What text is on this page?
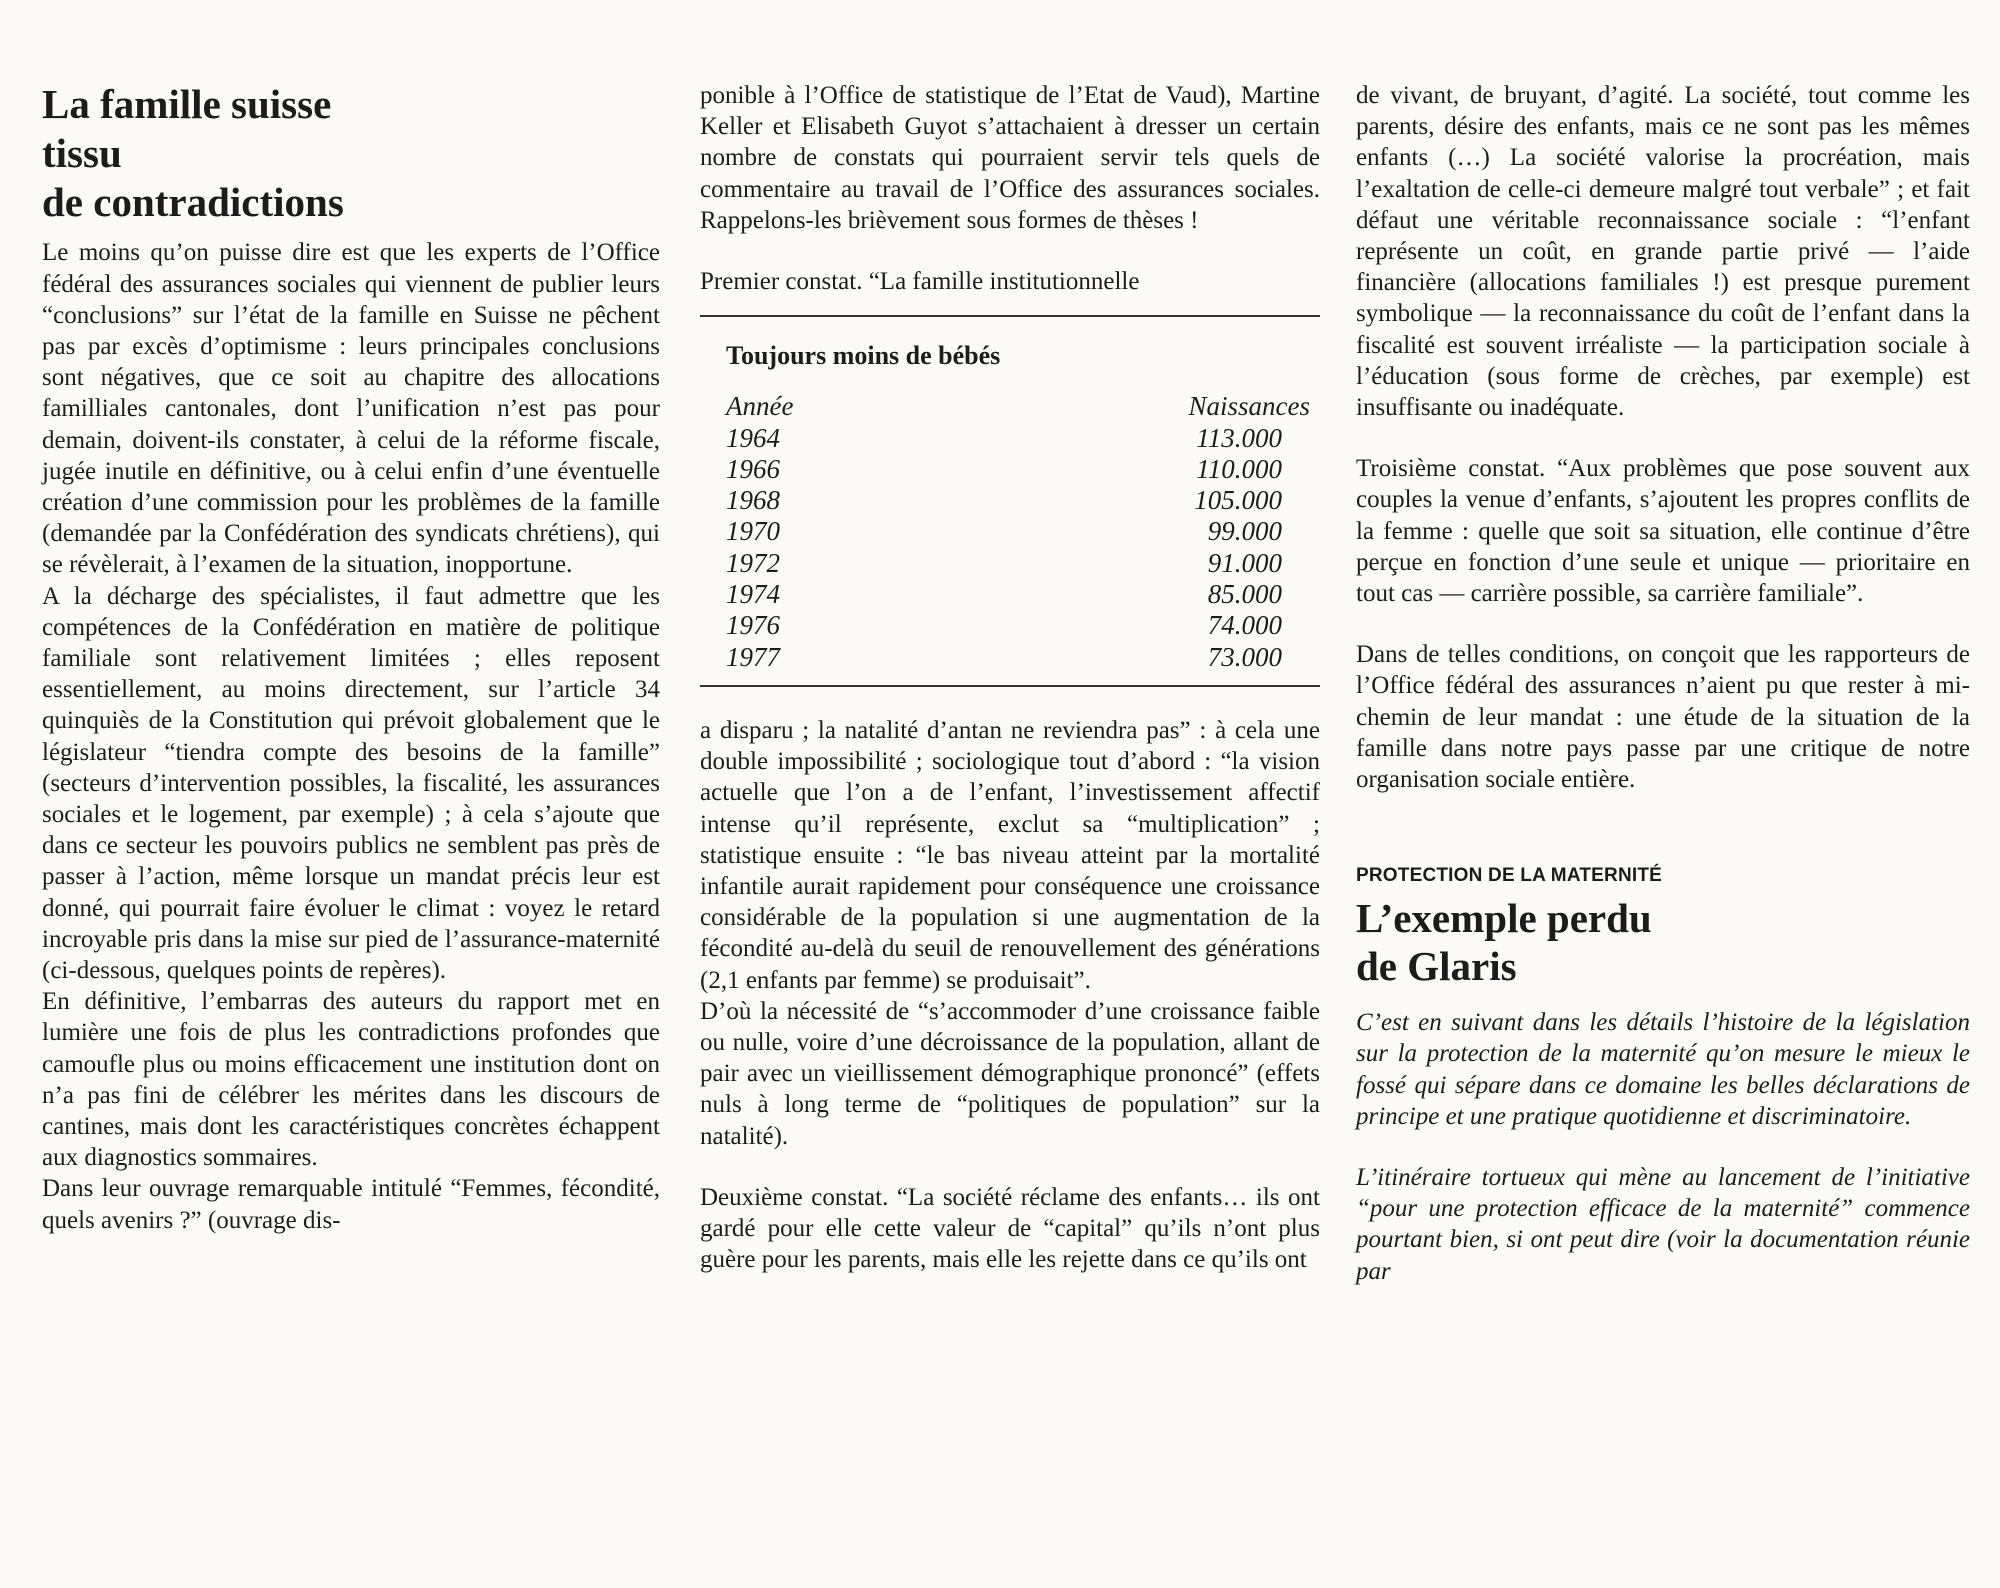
La famille suisse
tissu
de contradictions

Le moins qu’on puisse dire est que les experts de l’Office fédéral des assurances sociales qui viennent de publier leurs “conclusions” sur l’état de la famille en Suisse ne pêchent pas par excès d’optimisme : leurs principales conclusions sont négatives, que ce soit au chapitre des allocations familliales cantonales, dont l’unification n’est pas pour demain, doivent-ils constater, à celui de la réforme fiscale, jugée inutile en définitive, ou à celui enfin d’une éventuelle création d’une commission pour les problèmes de la famille (demandée par la Confédération des syndicats chrétiens), qui se révèlerait, à l’examen de la situation, inopportune.

A la décharge des spécialistes, il faut admettre que les compétences de la Confédération en matière de politique familiale sont relativement limitées ; elles reposent essentiellement, au moins directement, sur l’article 34 quinquiès de la Constitution qui prévoit globalement que le législateur “tiendra compte des besoins de la famille” (secteurs d’intervention possibles, la fiscalité, les assurances sociales et le logement, par exemple) ; à cela s’ajoute que dans ce secteur les pouvoirs publics ne semblent pas près de passer à l’action, même lorsque un mandat précis leur est donné, qui pourrait faire évoluer le climat : voyez le retard incroyable pris dans la mise sur pied de l’assurance-maternité (ci-dessous, quelques points de repères).

En définitive, l’embarras des auteurs du rapport met en lumière une fois de plus les contradictions profondes que camoufle plus ou moins efficacement une institution dont on n’a pas fini de célébrer les mérites dans les discours de cantines, mais dont les caractéristiques concrètes échappent aux diagnostics sommaires.

Dans leur ouvrage remarquable intitulé “Femmes, fécondité, quels avenirs ?” (ouvrage dis-

ponible à l’Office de statistique de l’Etat de Vaud), Martine Keller et Elisabeth Guyot s’attachaient à dresser un certain nombre de constats qui pourraient servir tels quels de commentaire au travail de l’Office des assurances sociales. Rappelons-les brièvement sous formes de thèses !

Premier constat. “La famille institutionnelle

Toujours moins de bébés
Année	Naissances
1964	113.000
1966	110.000
1968	105.000
1970	99.000
1972	91.000
1974	85.000
1976	74.000
1977	73.000

a disparu ; la natalité d’antan ne reviendra pas” : à cela une double impossibilité ; sociologique tout d’abord : “la vision actuelle que l’on a de l’enfant, l’investissement affectif intense qu’il représente, exclut sa “multiplication” ; statistique ensuite : “le bas niveau atteint par la mortalité infantile aurait rapidement pour conséquence une croissance considérable de la population si une augmentation de la fécondité au-delà du seuil de renouvellement des générations (2,1 enfants par femme) se produisait”.

D’où la nécessité de “s’accommoder d’une croissance faible ou nulle, voire d’une décroissance de la population, allant de pair avec un vieillissement démographique prononcé” (effets nuls à long terme de “politiques de population” sur la natalité).

Deuxième constat. “La société réclame des enfants… ils ont gardé pour elle cette valeur de “capital” qu’ils n’ont plus guère pour les parents, mais elle les rejette dans ce qu’ils ont

de vivant, de bruyant, d’agité. La société, tout comme les parents, désire des enfants, mais ce ne sont pas les mêmes enfants (…) La société valorise la procréation, mais l’exaltation de celle-ci demeure malgré tout verbale” ; et fait défaut une véritable reconnaissance sociale : “l’enfant représente un coût, en grande partie privé — l’aide financière (allocations familiales !) est presque purement symbolique — la reconnaissance du coût de l’enfant dans la fiscalité est souvent irréaliste — la participation sociale à l’éducation (sous forme de crèches, par exemple) est insuffisante ou inadéquate.

Troisième constat. “Aux problèmes que pose souvent aux couples la venue d’enfants, s’ajoutent les propres conflits de la femme : quelle que soit sa situation, elle continue d’être perçue en fonction d’une seule et unique — prioritaire en tout cas — carrière possible, sa carrière familiale”.

Dans de telles conditions, on conçoit que les rapporteurs de l’Office fédéral des assurances n’aient pu que rester à mi-chemin de leur mandat : une étude de la situation de la famille dans notre pays passe par une critique de notre organisation sociale entière.

PROTECTION DE LA MATERNITÉ
L’exemple perdu
de Glaris

C’est en suivant dans les détails l’histoire de la législation sur la protection de la maternité qu’on mesure le mieux le fossé qui sépare dans ce domaine les belles déclarations de principe et une pratique quotidienne et discriminatoire.

L’itinéraire tortueux qui mène au lancement de l’initiative “pour une protection efficace de la maternité” commence pourtant bien, si ont peut dire (voir la documentation réunie par
